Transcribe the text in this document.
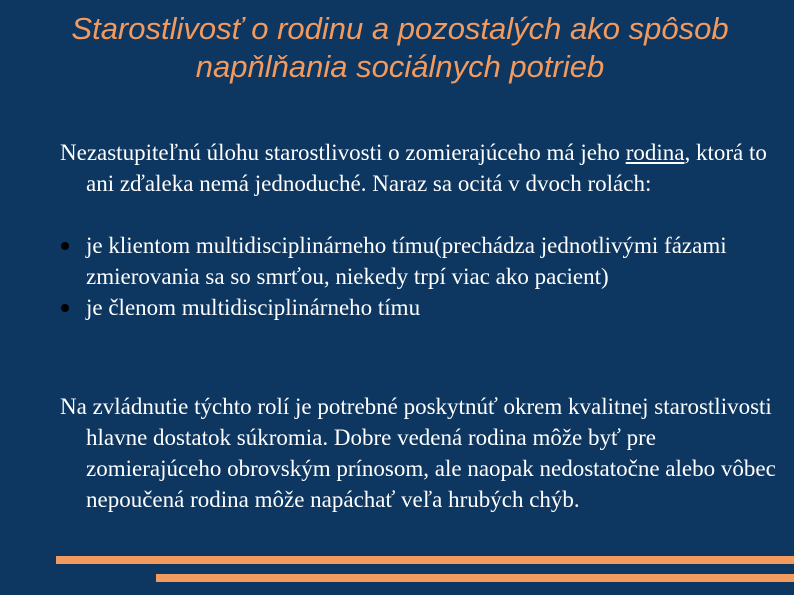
Starostlivosť o rodinu a pozostalých ako spôsob napňlňania sociálnych potrieb

Nezastupiteľnú úlohu starostlivosti o zomierajúceho má jeho rodina, ktorá to ani zďaleka nemá jednoduché. Naraz sa ocitá v dvoch rolách:

je klientom multidisciplinárneho tímu(prechádza jednotlivými fázami zmierovania sa so smrťou, niekedy trpí viac ako pacient)
je členom multidisciplinárneho tímu

Na zvládnutie týchto rolí je potrebné poskytnúť okrem kvalitnej starostlivosti hlavne dostatok súkromia. Dobre vedená rodina môže byť pre zomierajúceho obrovským prínosom, ale naopak nedostatočne alebo vôbec nepoučená rodina môže napáchať veľa hrubých chýb.
